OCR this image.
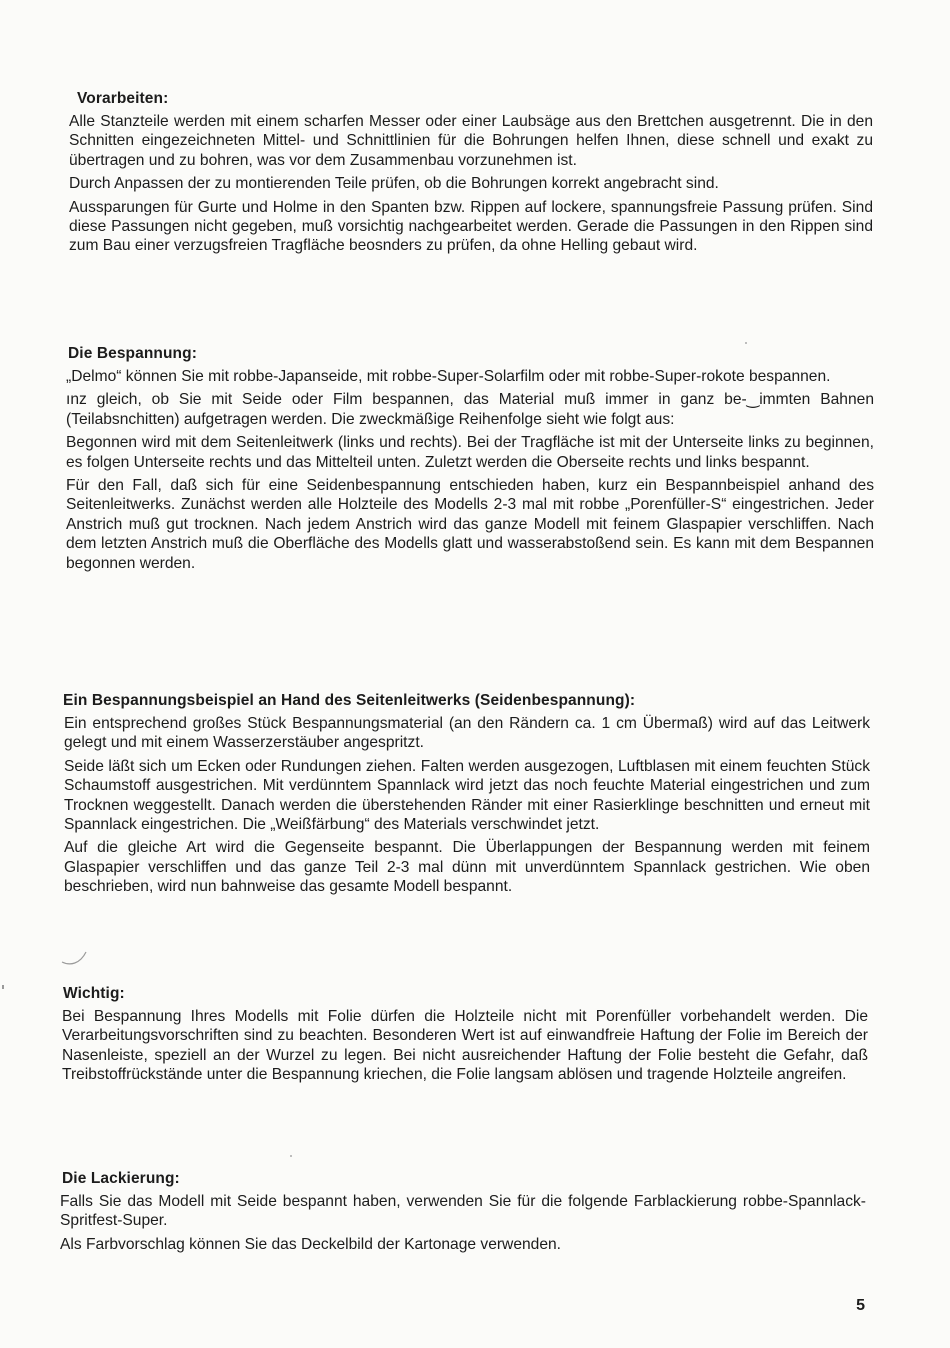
Vorarbeiten:

Alle Stanzteile werden mit einem scharfen Messer oder einer Laubsäge aus den Brettchen ausgetrennt. Die in den Schnitten eingezeichneten Mittel- und Schnittlinien für die Bohrungen helfen Ihnen, diese schnell und exakt zu übertragen und zu bohren, was vor dem Zusammenbau vorzunehmen ist.

Durch Anpassen der zu montierenden Teile prüfen, ob die Bohrungen korrekt angebracht sind.

Aussparungen für Gurte und Holme in den Spanten bzw. Rippen auf lockere, spannungsfreie Passung prüfen. Sind diese Passungen nicht gegeben, muß vorsichtig nachgearbeitet werden. Gerade die Passungen in den Rippen sind zum Bau einer verzugsfreien Tragfläche beosnders zu prüfen, da ohne Helling gebaut wird.

Die Bespannung:

„Delmo“ können Sie mit robbe-Japanseide, mit robbe-Super-Solarfilm oder mit robbe-Super-rokote bespannen.

ınz gleich, ob Sie mit Seide oder Film bespannen, das Material muß immer in ganz be-‿immten Bahnen (Teilabsnchitten) aufgetragen werden. Die zweckmäßige Reihenfolge sieht wie folgt aus:

Begonnen wird mit dem Seitenleitwerk (links und rechts). Bei der Tragfläche ist mit der Unterseite links zu beginnen, es folgen Unterseite rechts und das Mittelteil unten. Zuletzt werden die Oberseite rechts und links bespannt.

Für den Fall, daß sich für eine Seidenbespannung entschieden haben, kurz ein Bespannbeispiel anhand des Seitenleitwerks. Zunächst werden alle Holzteile des Modells 2-3 mal mit robbe „Porenfüller-S“ eingestrichen. Jeder Anstrich muß gut trocknen. Nach jedem Anstrich wird das ganze Modell mit feinem Glaspapier verschliffen. Nach dem letzten Anstrich muß die Oberfläche des Modells glatt und wasserabstoßend sein. Es kann mit dem Bespannen begonnen werden.

Ein Bespannungsbeispiel an Hand des Seitenleitwerks (Seidenbespannung):

Ein entsprechend großes Stück Bespannungsmaterial (an den Rändern ca. 1 cm Übermaß) wird auf das Leitwerk gelegt und mit einem Wasserzerstäuber angespritzt.

Seide läßt sich um Ecken oder Rundungen ziehen. Falten werden ausgezogen, Luftblasen mit einem feuchten Stück Schaumstoff ausgestrichen. Mit verdünntem Spannlack wird jetzt das noch feuchte Material eingestrichen und zum Trocknen weggestellt. Danach werden die überstehenden Ränder mit einer Rasierklinge beschnitten und erneut mit Spannlack eingestrichen. Die „Weißfärbung“ des Materials verschwindet jetzt.

Auf die gleiche Art wird die Gegenseite bespannt. Die Überlappungen der Bespannung werden mit feinem Glaspapier verschliffen und das ganze Teil 2-3 mal dünn mit unverdünntem Spannlack gestrichen. Wie oben beschrieben, wird nun bahnweise das gesamte Modell bespannt.

Wichtig:

Bei Bespannung Ihres Modells mit Folie dürfen die Holzteile nicht mit Porenfüller vorbehandelt werden. Die Verarbeitungsvorschriften sind zu beachten. Besonderen Wert ist auf einwandfreie Haftung der Folie im Bereich der Nasenleiste, speziell an der Wurzel zu legen. Bei nicht ausreichender Haftung der Folie besteht die Gefahr, daß Treibstoffrückstände unter die Bespannung kriechen, die Folie langsam ablösen und tragende Holzteile angreifen.

Die Lackierung:

Falls Sie das Modell mit Seide bespannt haben, verwenden Sie für die folgende Farblackierung robbe-Spannlack-Spritfest-Super.

Als Farbvorschlag können Sie das Deckelbild der Kartonage verwenden.

5
